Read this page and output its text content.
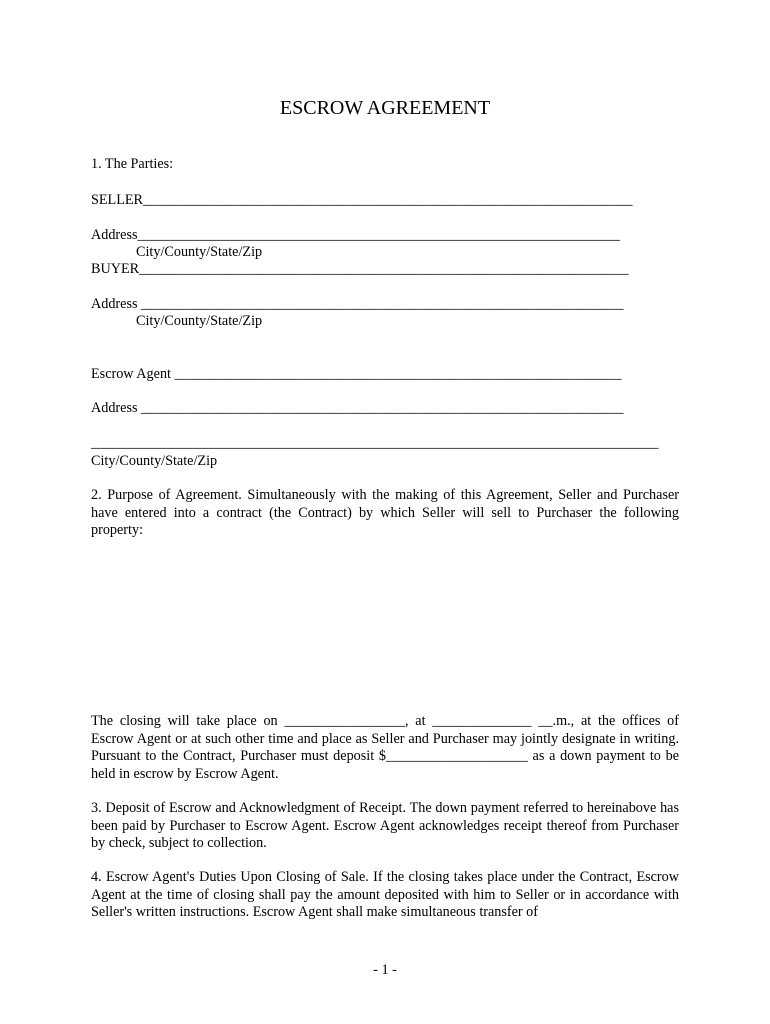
ESCROW AGREEMENT
1. The Parties:
SELLER_____________________________________________________________________
Address____________________________________________________________________
City/County/State/Zip
BUYER_____________________________________________________________________
Address ____________________________________________________________________
City/County/State/Zip
Escrow Agent _______________________________________________________________
Address ____________________________________________________________________
________________________________________________________________________________
City/County/State/Zip
2. Purpose of Agreement. Simultaneously with the making of this Agreement, Seller and Purchaser have entered into a contract (the Contract) by which Seller will sell to Purchaser the following property:
The closing will take place on _________________, at ______________ __.m., at the offices of Escrow Agent or at such other time and place as Seller and Purchaser may jointly designate in writing. Pursuant to the Contract, Purchaser must deposit $____________________ as a down payment to be held in escrow by Escrow Agent.
3. Deposit of Escrow and Acknowledgment of Receipt. The down payment referred to hereinabove has been paid by Purchaser to Escrow Agent. Escrow Agent acknowledges receipt thereof from Purchaser by check, subject to collection.
4. Escrow Agent's Duties Upon Closing of Sale. If the closing takes place under the Contract, Escrow Agent at the time of closing shall pay the amount deposited with him to Seller or in accordance with Seller's written instructions. Escrow Agent shall make simultaneous transfer of
- 1 -
